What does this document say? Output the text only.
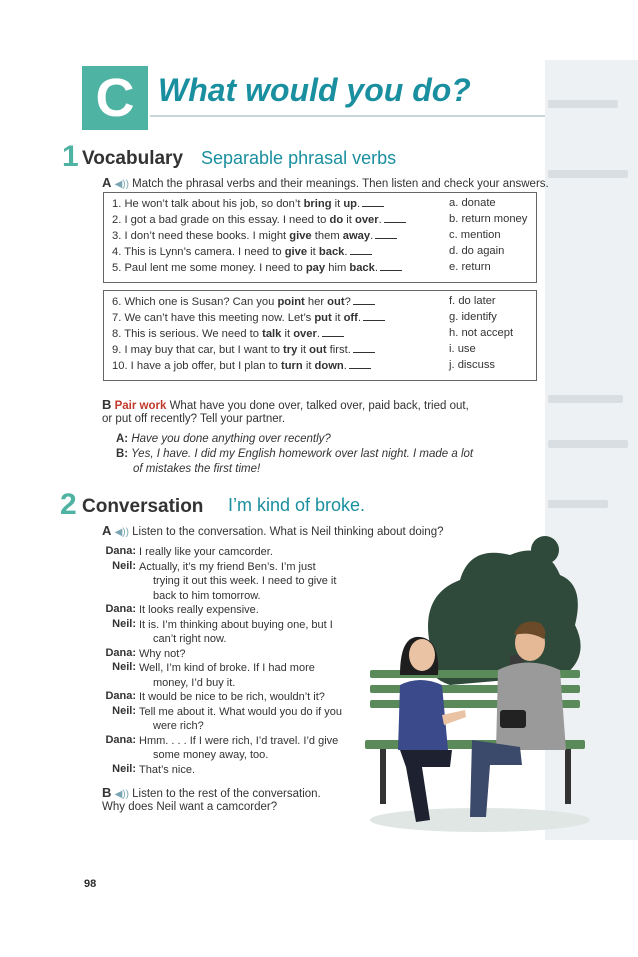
C What would you do?
1 Vocabulary Separable phrasal verbs
A ◀)) Match the phrasal verbs and their meanings. Then listen and check your answers.
1. He won’t talk about his job, so don’t bring it up.
2. I got a bad grade on this essay. I need to do it over.
3. I don’t need these books. I might give them away.
4. This is Lynn’s camera. I need to give it back.
5. Paul lent me some money. I need to pay him back.
a. donate
b. return money
c. mention
d. do again
e. return
6. Which one is Susan? Can you point her out?
7. We can’t have this meeting now. Let’s put it off.
8. This is serious. We need to talk it over.
9. I may buy that car, but I want to try it out first.
10. I have a job offer, but I plan to turn it down.
f. do later
g. identify
h. not accept
i. use
j. discuss
B Pair work What have you done over, talked over, paid back, tried out,
or put off recently? Tell your partner.
A: Have you done anything over recently?
B: Yes, I have. I did my English homework over last night. I made a lot
of mistakes the first time!
2 Conversation I’m kind of broke.
A ◀)) Listen to the conversation. What is Neil thinking about doing?
Dana: I really like your camcorder.
Neil: Actually, it’s my friend Ben’s. I’m just
trying it out this week. I need to give it
back to him tomorrow.
Dana: It looks really expensive.
Neil: It is. I’m thinking about buying one, but I
can’t right now.
Dana: Why not?
Neil: Well, I’m kind of broke. If I had more
money, I’d buy it.
Dana: It would be nice to be rich, wouldn’t it?
Neil: Tell me about it. What would you do if you
were rich?
Dana: Hmm. . . . If I were rich, I’d travel. I’d give
some money away, too.
Neil: That’s nice.
B ◀)) Listen to the rest of the conversation.
Why does Neil want a camcorder?
98
